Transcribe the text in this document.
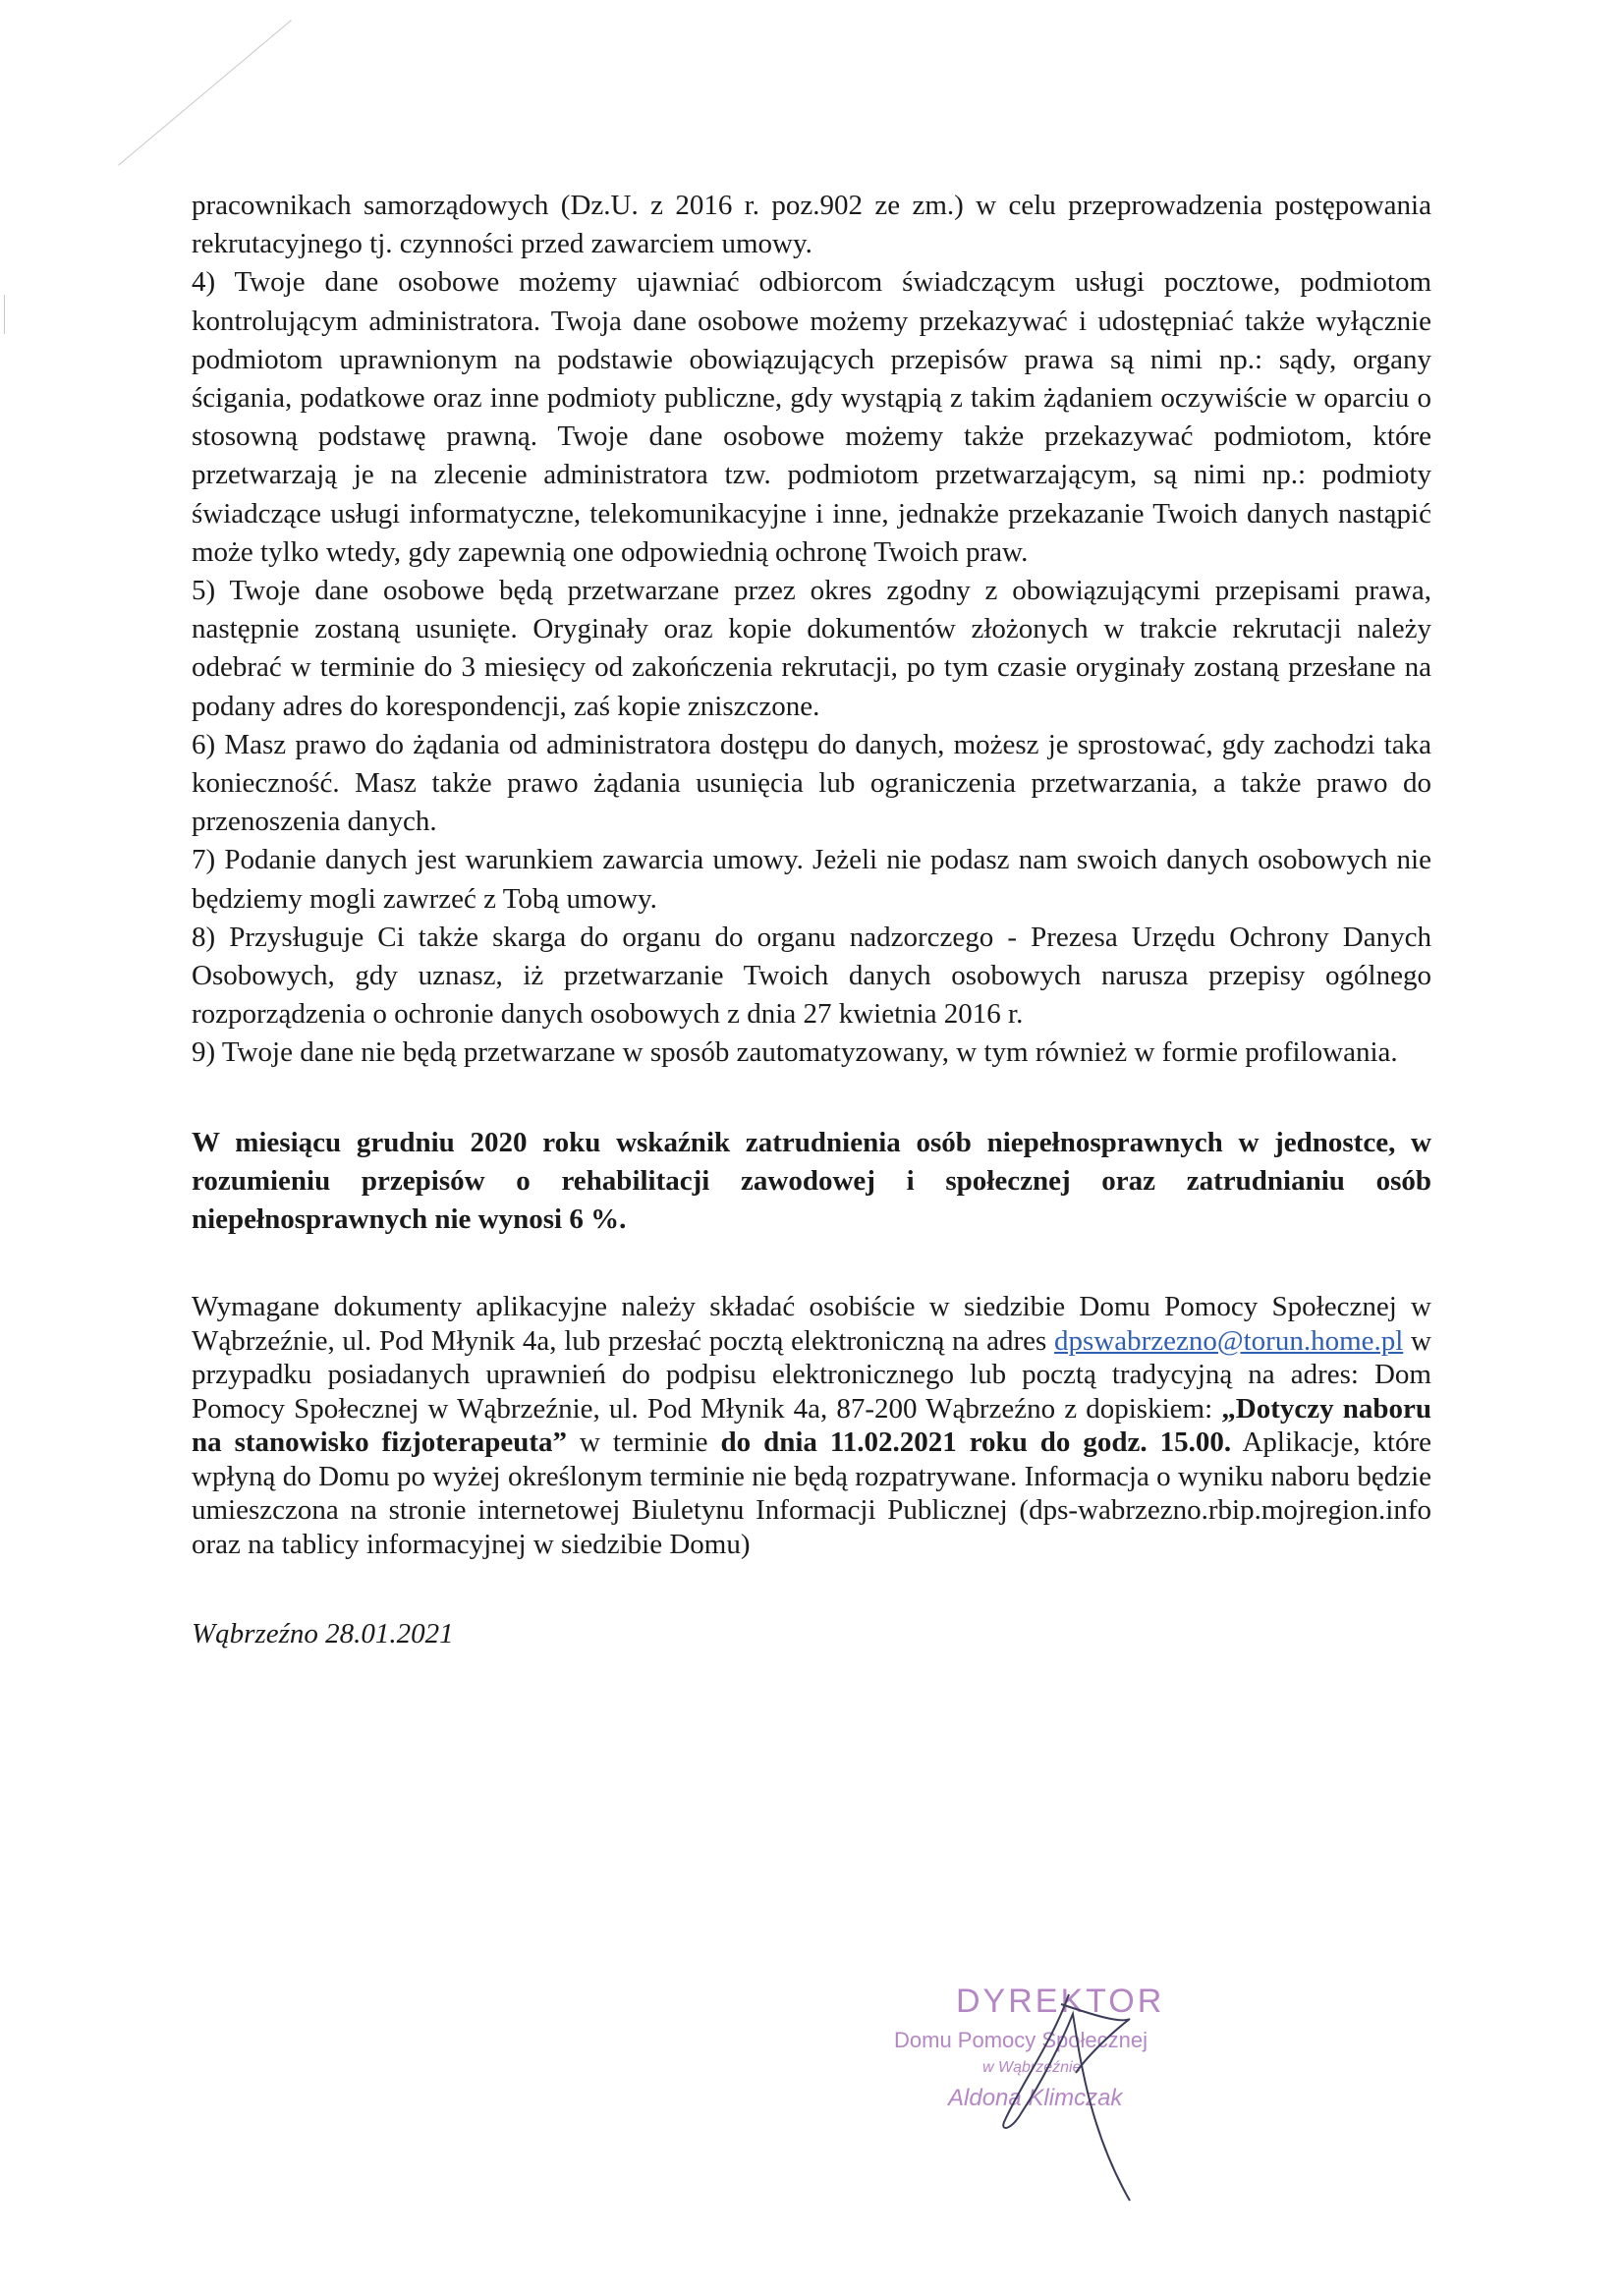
pracownikach samorządowych (Dz.U. z 2016 r. poz.902 ze zm.) w celu przeprowadzenia postępowania rekrutacyjnego tj. czynności przed zawarciem umowy.

4) Twoje dane osobowe możemy ujawniać odbiorcom świadczącym usługi pocztowe, podmiotom kontrolującym administratora. Twoja dane osobowe możemy przekazywać i udostępniać także wyłącznie podmiotom uprawnionym na podstawie obowiązujących przepisów prawa są nimi np.: sądy, organy ścigania, podatkowe oraz inne podmioty publiczne, gdy wystąpią z takim żądaniem oczywiście w oparciu o stosowną podstawę prawną. Twoje dane osobowe możemy także przekazywać podmiotom, które przetwarzają je na zlecenie administratora tzw. podmiotom przetwarzającym, są nimi np.: podmioty świadczące usługi informatyczne, telekomunikacyjne i inne, jednakże przekazanie Twoich danych nastąpić może tylko wtedy, gdy zapewnią one odpowiednią ochronę Twoich praw.

5) Twoje dane osobowe będą przetwarzane przez okres zgodny z obowiązującymi przepisami prawa, następnie zostaną usunięte. Oryginały oraz kopie dokumentów złożonych w trakcie rekrutacji należy odebrać w terminie do 3 miesięcy od zakończenia rekrutacji, po tym czasie oryginały zostaną przesłane na podany adres do korespondencji, zaś kopie zniszczone.

6) Masz prawo do żądania od administratora dostępu do danych, możesz je sprostować, gdy zachodzi taka konieczność. Masz także prawo żądania usunięcia lub ograniczenia przetwarzania, a także prawo do przenoszenia danych.

7) Podanie danych jest warunkiem zawarcia umowy. Jeżeli nie podasz nam swoich danych osobowych nie będziemy mogli zawrzeć z Tobą umowy.

8) Przysługuje Ci także skarga do organu do organu nadzorczego - Prezesa Urzędu Ochrony Danych Osobowych, gdy uznasz, iż przetwarzanie Twoich danych osobowych narusza przepisy ogólnego rozporządzenia o ochronie danych osobowych z dnia 27 kwietnia 2016 r.

9) Twoje dane nie będą przetwarzane w sposób zautomatyzowany, w tym również w formie profilowania.

W miesiącu grudniu 2020 roku wskaźnik zatrudnienia osób niepełnosprawnych w jednostce, w rozumieniu przepisów o rehabilitacji zawodowej i społecznej oraz zatrudnianiu osób niepełnosprawnych nie wynosi 6 %.

Wymagane dokumenty aplikacyjne należy składać osobiście w siedzibie Domu Pomocy Społecznej w Wąbrzeźnie, ul. Pod Młynik 4a, lub przesłać pocztą elektroniczną na adres dpswabrzezno@torun.home.pl w przypadku posiadanych uprawnień do podpisu elektronicznego lub pocztą tradycyjną na adres: Dom Pomocy Społecznej w Wąbrzeźnie, ul. Pod Młynik 4a, 87-200 Wąbrzeźno z dopiskiem: „Dotyczy naboru na stanowisko fizjoterapeuta” w terminie do dnia 11.02.2021 roku do godz. 15.00. Aplikacje, które wpłyną do Domu po wyżej określonym terminie nie będą rozpatrywane. Informacja o wyniku naboru będzie umieszczona na stronie internetowej Biuletynu Informacji Publicznej (dps-wabrzezno.rbip.mojregion.info oraz na tablicy informacyjnej w siedzibie Domu)

Wąbrzeźno 28.01.2021

DYREKTOR
Domu Pomocy Społecznej
w Wąbrzeźnie
Aldona Klimczak
